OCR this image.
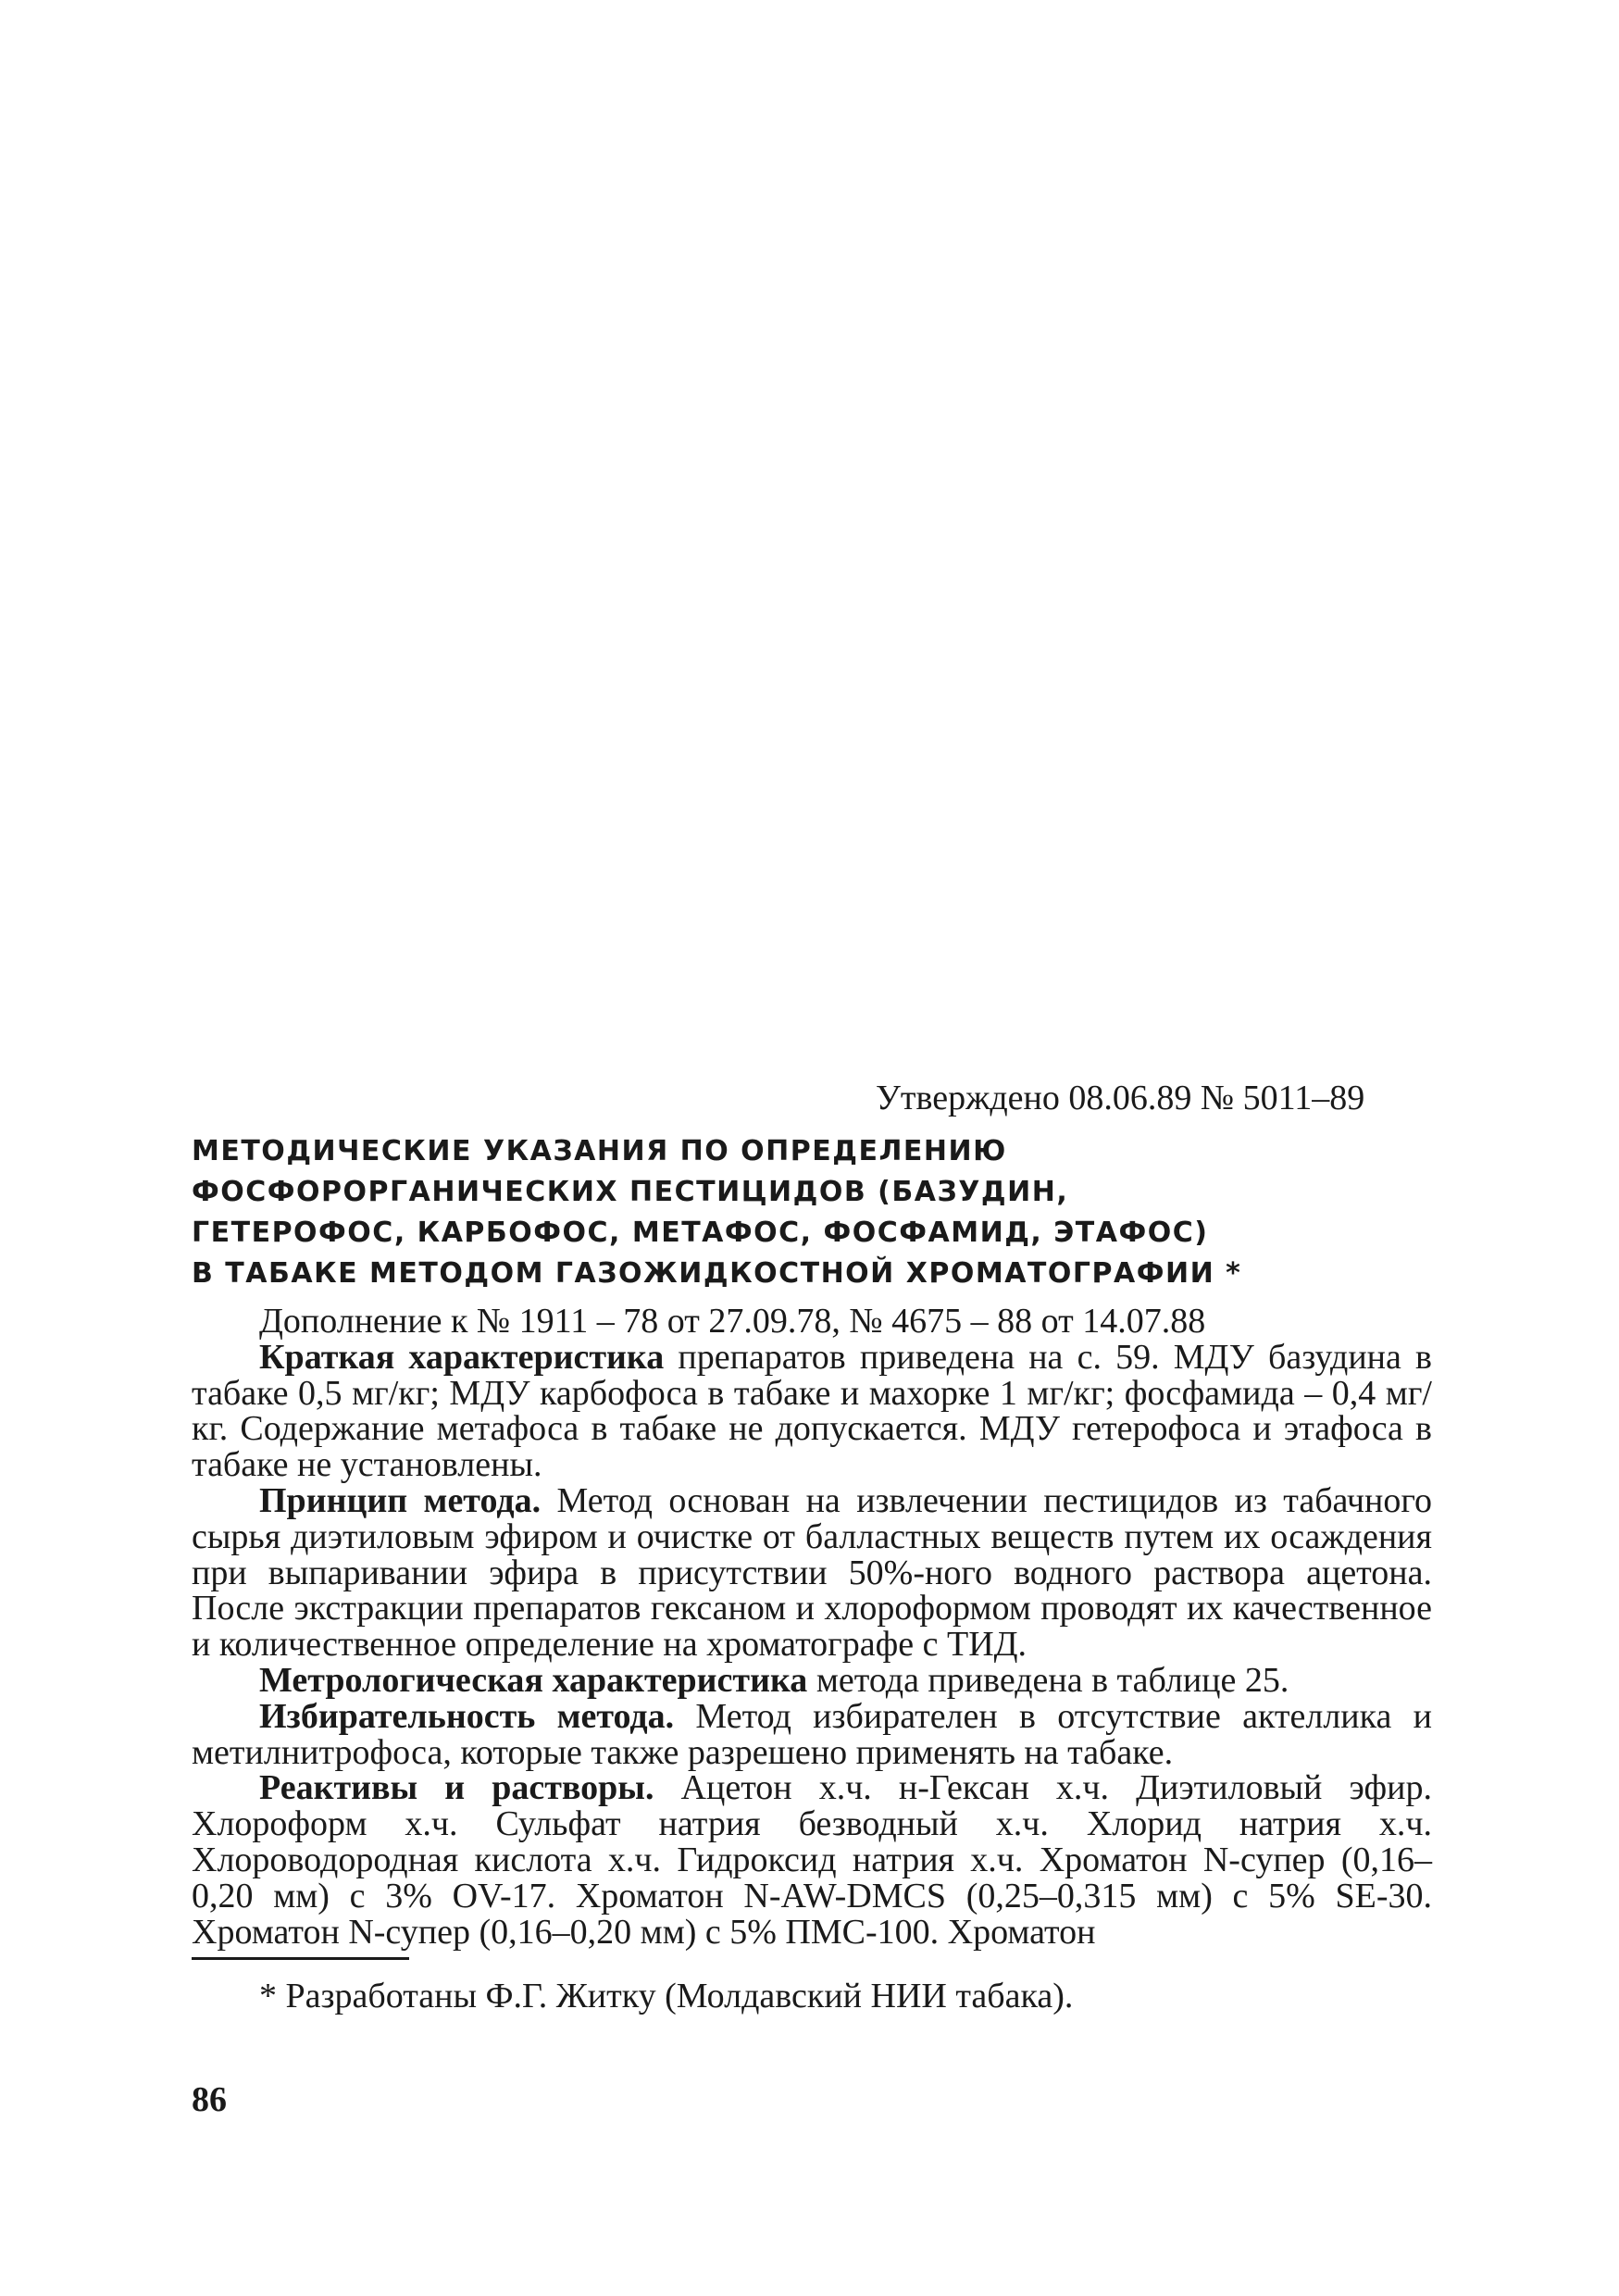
Утверждено 08.06.89 № 5011–89
МЕТОДИЧЕСКИЕ УКАЗАНИЯ ПО ОПРЕДЕЛЕНИЮ
ФОСФОРОРГАНИЧЕСКИХ ПЕСТИЦИДОВ (БАЗУДИН,
ГЕТЕРОФОС, КАРБОФОС, МЕТАФОС, ФОСФАМИД, ЭТАФОС)
В ТАБАКЕ МЕТОДОМ ГАЗОЖИДКОСТНОЙ ХРОМАТОГРАФИИ *

Дополнение к № 1911 – 78 от 27.09.78, № 4675 – 88 от 14.07.88

Краткая характеристика препаратов приведена на с. 59. МДУ базудина в табаке 0,5 мг/кг; МДУ карбофоса в табаке и махорке 1 мг/кг; фосфамида – 0,4 мг/кг. Содержание метафоса в табаке не допускается. МДУ гетерофоса и этафоса в табаке не установлены.

Принцип метода. Метод основан на извлечении пестицидов из табачного сырья диэтиловым эфиром и очистке от балластных веществ путем их осаждения при выпаривании эфира в присутствии 50%-ного водного раствора ацетона. После экстракции препаратов гексаном и хлороформом проводят их качественное и количественное определение на хроматографе с ТИД.

Метрологическая характеристика метода приведена в таблице 25.

Избирательность метода. Метод избирателен в отсутствие актеллика и метилнитрофоса, которые также разрешено применять на табаке.

Реактивы и растворы. Ацетон х.ч. н-Гексан х.ч. Диэтиловый эфир. Хлороформ х.ч. Сульфат натрия безводный х.ч. Хлорид натрия х.ч. Хлороводородная кислота х.ч. Гидроксид натрия х.ч. Хроматон N-супер (0,16–0,20 мм) с 3% OV-17. Хроматон N-AW-DMCS (0,25–0,315 мм) с 5% SE-30. Хроматон N-супер (0,16–0,20 мм) с 5% ПМС-100. Хроматон

* Разработаны Ф.Г. Житку (Молдавский НИИ табака).
86
